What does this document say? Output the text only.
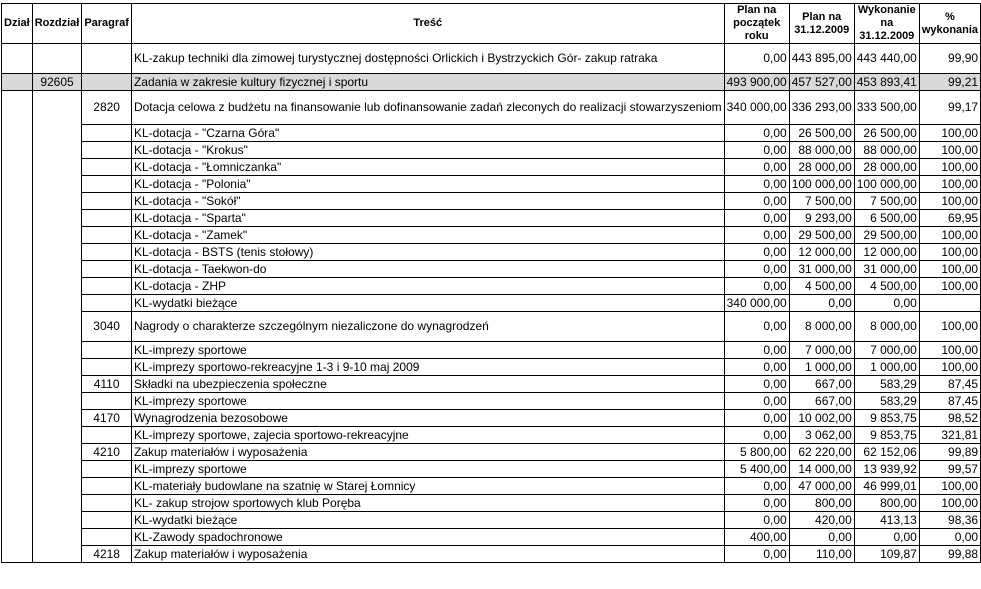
Dział	Rozdział	Paragraf	Treść	Plan na początek roku	Plan na 31.12.2009	Wykonanie na 31.12.2009	% wykonania
			KL-zakup techniki dla zimowej turystycznej dostępności Orlickich i Bystrzyckich Gór- zakup ratraka	0,00	443 895,00	443 440,00	99,90
	92605		Zadania w zakresie kultury fizycznej i sportu	493 900,00	457 527,00	453 893,41	99,21
		2820	Dotacja celowa z budżetu na finansowanie lub dofinansowanie zadań zleconych do realizacji stowarzyszeniom	340 000,00	336 293,00	333 500,00	99,17
			KL-dotacja - "Czarna Góra"	0,00	26 500,00	26 500,00	100,00
			KL-dotacja - "Krokus"	0,00	88 000,00	88 000,00	100,00
			KL-dotacja - "Łomniczanka"	0,00	28 000,00	28 000,00	100,00
			KL-dotacja - "Polonia"	0,00	100 000,00	100 000,00	100,00
			KL-dotacja - "Sokół"	0,00	7 500,00	7 500,00	100,00
			KL-dotacja - "Sparta"	0,00	9 293,00	6 500,00	69,95
			KL-dotacja - "Zamek"	0,00	29 500,00	29 500,00	100,00
			KL-dotacja - BSTS (tenis stołowy)	0,00	12 000,00	12 000,00	100,00
			KL-dotacja - Taekwon-do	0,00	31 000,00	31 000,00	100,00
			KL-dotacja - ZHP	0,00	4 500,00	4 500,00	100,00
			KL-wydatki bieżące	340 000,00	0,00	0,00	
		3040	Nagrody o charakterze szczególnym niezaliczone do wynagrodzeń	0,00	8 000,00	8 000,00	100,00
			KL-imprezy sportowe	0,00	7 000,00	7 000,00	100,00
			KL-imprezy sportowo-rekreacyjne 1-3 i 9-10 maj 2009	0,00	1 000,00	1 000,00	100,00
		4110	Składki na ubezpieczenia społeczne	0,00	667,00	583,29	87,45
			KL-imprezy sportowe	0,00	667,00	583,29	87,45
		4170	Wynagrodzenia bezosobowe	0,00	10 002,00	9 853,75	98,52
			KL-imprezy sportowe, zajecia sportowo-rekreacyjne	0,00	3 062,00	9 853,75	321,81
		4210	Zakup materiałów i wyposażenia	5 800,00	62 220,00	62 152,06	99,89
			KL-imprezy sportowe	5 400,00	14 000,00	13 939,92	99,57
			KL-materiały budowlane na szatnię w Starej Łomnicy	0,00	47 000,00	46 999,01	100,00
			KL- zakup strojow sportowych klub Poręba	0,00	800,00	800,00	100,00
			KL-wydatki bieżące	0,00	420,00	413,13	98,36
			KL-Zawody spadochronowe	400,00	0,00	0,00	0,00
		4218	Zakup materiałów i wyposażenia	0,00	110,00	109,87	99,88
